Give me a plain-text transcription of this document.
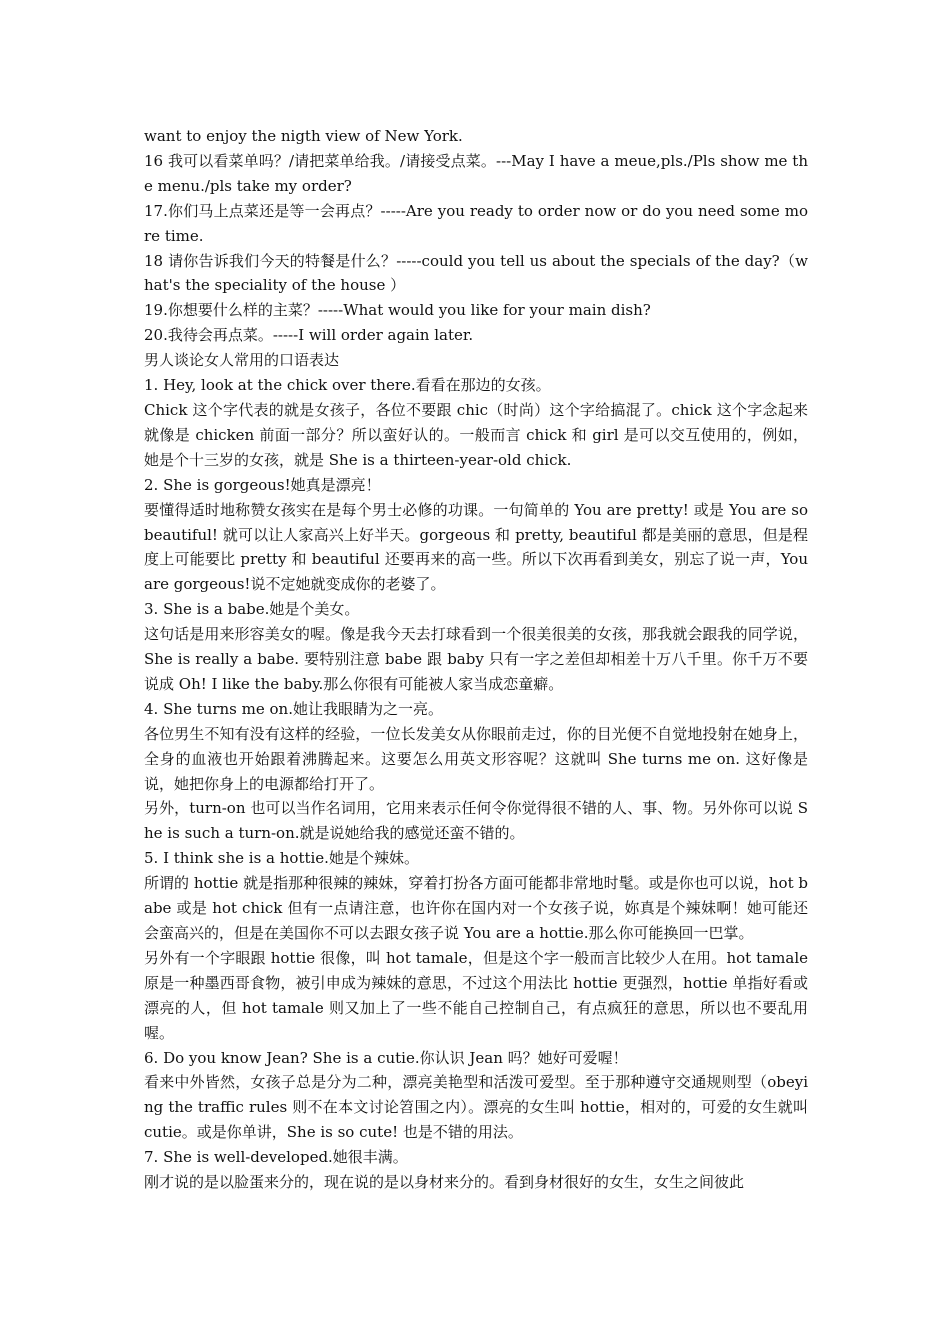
want to enjoy the nigth view of New York.

16 我可以看菜单吗？/请把菜单给我。/请接受点菜。---May I have a meue,pls./Pls show me the menu./pls take my order?

17.你们马上点菜还是等一会再点？-----Are you ready to order now or do you need some more time.

18 请你告诉我们今天的特餐是什么？-----could you tell us about the specials of the day?（what's the speciality of the house ）

19.你想要什么样的主菜？-----What would you like for your main dish?

20.我待会再点菜。-----I will order again later.

男人谈论女人常用的口语表达

1. Hey, look at the chick over there.看看在那边的女孩。

Chick 这个字代表的就是女孩子，各位不要跟 chic（时尚）这个字给搞混了。chick 这个字念起来就像是 chicken 前面一部分？所以蛮好认的。一般而言 chick 和 girl 是可以交互使用的，例如，她是个十三岁的女孩，就是 She is a thirteen-year-old chick.

2. She is gorgeous!她真是漂亮！

要懂得适时地称赞女孩实在是每个男士必修的功课。一句简单的 You are pretty! 或是 You are so beautiful! 就可以让人家高兴上好半天。gorgeous 和 pretty, beautiful 都是美丽的意思，但是程度上可能要比 pretty 和 beautiful 还要再来的高一些。所以下次再看到美女，别忘了说一声，You are gorgeous!说不定她就变成你的老婆了。

3. She is a babe.她是个美女。

这句话是用来形容美女的喔。像是我今天去打球看到一个很美很美的女孩，那我就会跟我的同学说，She is really a babe. 要特别注意 babe 跟 baby 只有一字之差但却相差十万八千里。你千万不要说成 Oh! I like the baby.那么你很有可能被人家当成恋童癖。

4. She turns me on.她让我眼睛为之一亮。

各位男生不知有没有这样的经验，一位长发美女从你眼前走过，你的目光便不自觉地投射在她身上，全身的血液也开始跟着沸腾起来。这要怎么用英文形容呢？这就叫 She turns me on. 这好像是说，她把你身上的电源都给打开了。

另外，turn-on 也可以当作名词用，它用来表示任何令你觉得很不错的人、事、物。另外你可以说 She is such a turn-on.就是说她给我的感觉还蛮不错的。

5. I think she is a hottie.她是个辣妹。

所谓的 hottie 就是指那种很辣的辣妹，穿着打扮各方面可能都非常地时髦。或是你也可以说，hot babe 或是 hot chick 但有一点请注意，也许你在国内对一个女孩子说，妳真是个辣妹啊！她可能还会蛮高兴的，但是在美国你不可以去跟女孩子说 You are a hottie.那么你可能换回一巴掌。

另外有一个字眼跟 hottie 很像，叫 hot tamale，但是这个字一般而言比较少人在用。hot tamale 原是一种墨西哥食物，被引申成为辣妹的意思，不过这个用法比 hottie 更强烈，hottie 单指好看或漂亮的人，但 hot tamale 则又加上了一些不能自己控制自己，有点疯狂的意思，所以也不要乱用喔。

6. Do you know Jean? She is a cutie.你认识 Jean 吗？她好可爱喔！

看来中外皆然，女孩子总是分为二种，漂亮美艳型和活泼可爱型。至于那种遵守交通规则型（obeying the traffic rules 则不在本文讨论笤围之内）。漂亮的女生叫 hottie，相对的，可爱的女生就叫 cutie。或是你单讲，She is so cute! 也是不错的用法。

7. She is well-developed.她很丰满。

刚才说的是以脸蛋来分的，现在说的是以身材来分的。看到身材很好的女生，女生之间彼此
